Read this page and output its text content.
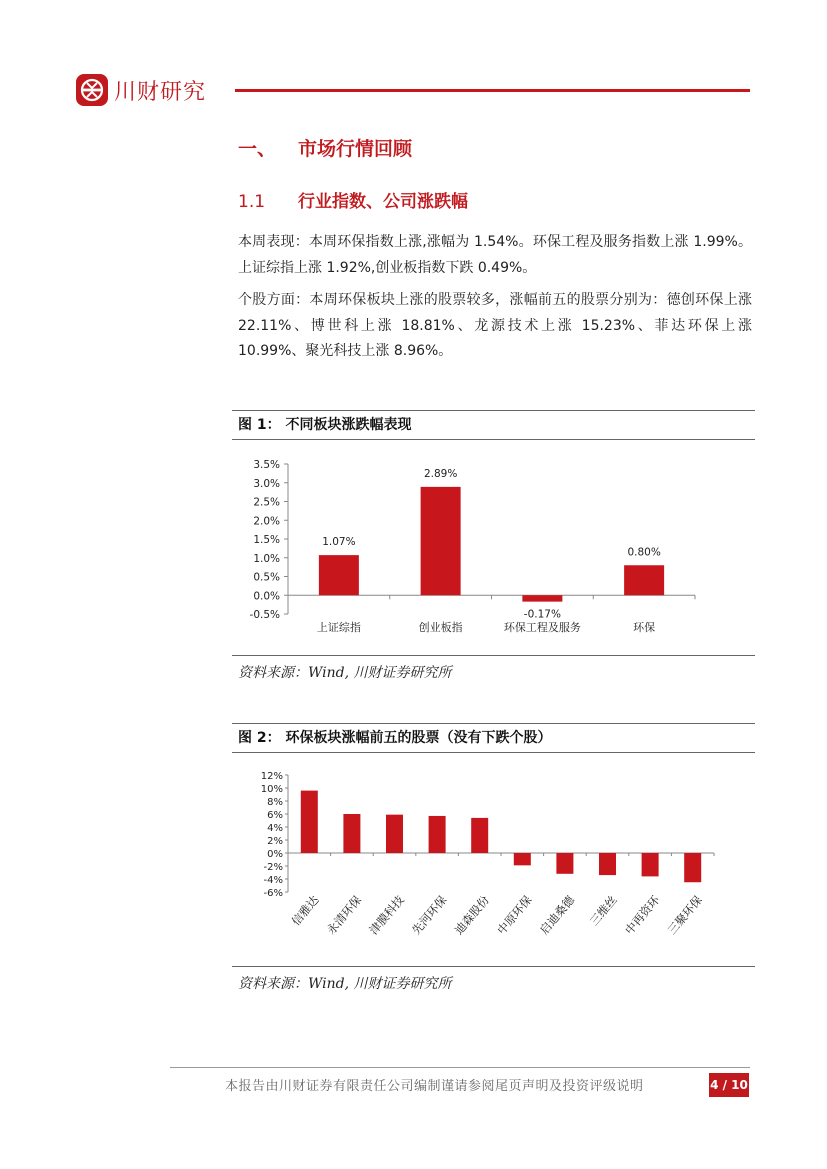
川财研究
一、 市场行情回顾
1.1 行业指数、公司涨跌幅
本周表现：本周环保指数上涨,涨幅为 1.54%。环保工程及服务指数上涨 1.99%。上证综指上涨 1.92%,创业板指数下跌 0.49%。
个股方面：本周环保板块上涨的股票较多，涨幅前五的股票分别为：德创环保上涨 22.11%、博世科上涨 18.81%、龙源技术上涨 15.23%、菲达环保上涨 10.99%、聚光科技上涨 8.96%。
图 1： 不同板块涨跌幅表现
3.5%
3.0%
2.5%
2.0%
1.5%
1.0%
0.5%
0.0%
-0.5%
1.07%
上证综指
2.89%
创业板指
-0.17%
环保工程及服务
0.80%
环保
资料来源：Wind, 川财证券研究所
图 2： 环保板块涨幅前五的股票（没有下跌个股）
12%
10%
8%
6%
4%
2%
0%
-2%
-4%
-6% 信雅达 永清环保 津膜科技 先河环保 迪森股份 中原环保 启迪桑德 三维丝 中再资环 三聚环保
资料来源：Wind, 川财证券研究所
本报告由川财证券有限责任公司编制谨请参阅尾页声明及投资评级说明	4 / 10
